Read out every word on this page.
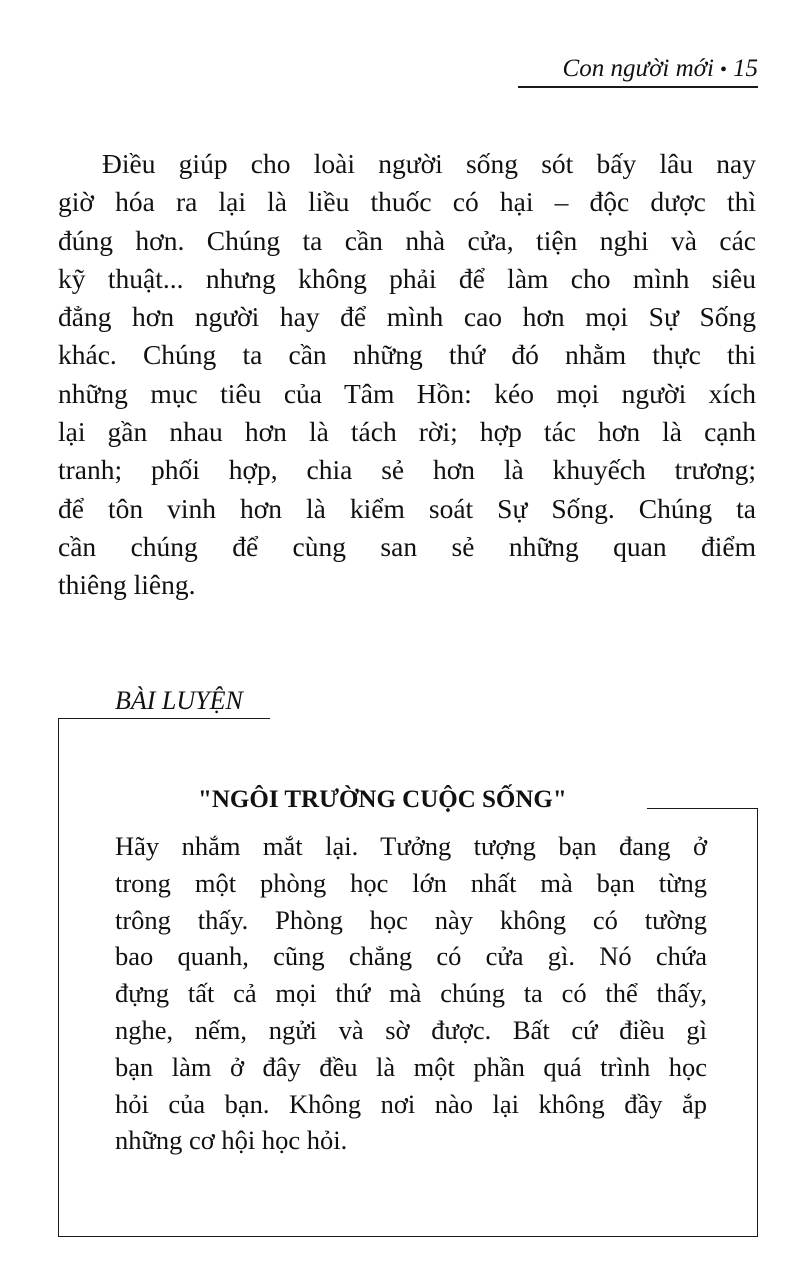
Con người mới • 15
Điều giúp cho loài người sống sót bấy lâu nay
giờ hóa ra lại là liều thuốc có hại – độc dược thì
đúng hơn. Chúng ta cần nhà cửa, tiện nghi và các
kỹ thuật... nhưng không phải để làm cho mình siêu
đẳng hơn người hay để mình cao hơn mọi Sự Sống
khác. Chúng ta cần những thứ đó nhằm thực thi
những mục tiêu của Tâm Hồn: kéo mọi người xích
lại gần nhau hơn là tách rời; hợp tác hơn là cạnh
tranh; phối hợp, chia sẻ hơn là khuyếch trương;
để tôn vinh hơn là kiểm soát Sự Sống. Chúng ta
cần chúng để cùng san sẻ những quan điểm
thiêng liêng.
BÀI LUYỆN
"NGÔI TRƯỜNG CUỘC SỐNG"
Hãy nhắm mắt lại. Tưởng tượng bạn đang ở
trong một phòng học lớn nhất mà bạn từng
trông thấy. Phòng học này không có tường
bao quanh, cũng chẳng có cửa gì. Nó chứa
đựng tất cả mọi thứ mà chúng ta có thể thấy,
nghe, nếm, ngửi và sờ được. Bất cứ điều gì
bạn làm ở đây đều là một phần quá trình học
hỏi của bạn. Không nơi nào lại không đầy ắp
những cơ hội học hỏi.
